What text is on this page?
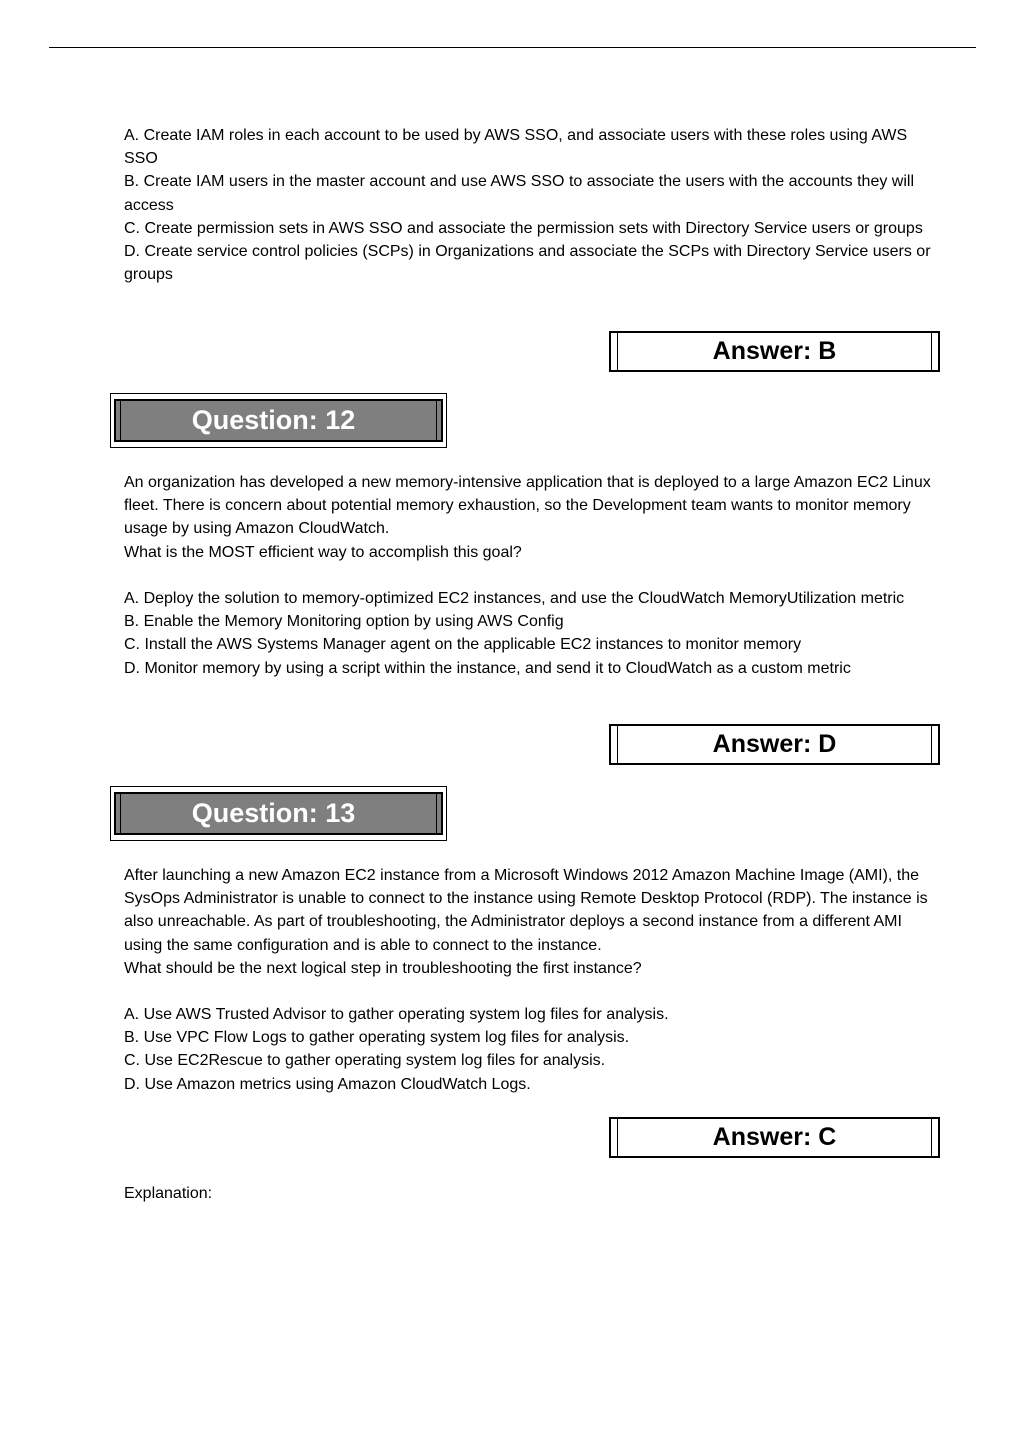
A. Create IAM roles in each account to be used by AWS SSO, and associate users with these roles using AWS SSO

B. Create IAM users in the master account and use AWS SSO to associate the users with the accounts they will access

C. Create permission sets in AWS SSO and associate the permission sets with Directory Service users or groups

D. Create service control policies (SCPs) in Organizations and associate the SCPs with Directory Service users or groups

Answer: B
Question: 12

An organization has developed a new memory-intensive application that is deployed to a large Amazon EC2 Linux fleet. There is concern about potential memory exhaustion, so the Development team wants to monitor memory usage by using Amazon CloudWatch.

What is the MOST efficient way to accomplish this goal?

A. Deploy the solution to memory-optimized EC2 instances, and use the CloudWatch MemoryUtilization metric

B. Enable the Memory Monitoring option by using AWS Config

C. Install the AWS Systems Manager agent on the applicable EC2 instances to monitor memory

D. Monitor memory by using a script within the instance, and send it to CloudWatch as a custom metric

Answer: D
Question: 13

After launching a new Amazon EC2 instance from a Microsoft Windows 2012 Amazon Machine Image (AMI), the SysOps Administrator is unable to connect to the instance using Remote Desktop Protocol (RDP). The instance is also unreachable. As part of troubleshooting, the Administrator deploys a second instance from a different AMI using the same configuration and is able to connect to the instance.

What should be the next logical step in troubleshooting the first instance?

A. Use AWS Trusted Advisor to gather operating system log files for analysis.

B. Use VPC Flow Logs to gather operating system log files for analysis.

C. Use EC2Rescue to gather operating system log files for analysis.

D. Use Amazon metrics using Amazon CloudWatch Logs.

Answer: C
Explanation:
